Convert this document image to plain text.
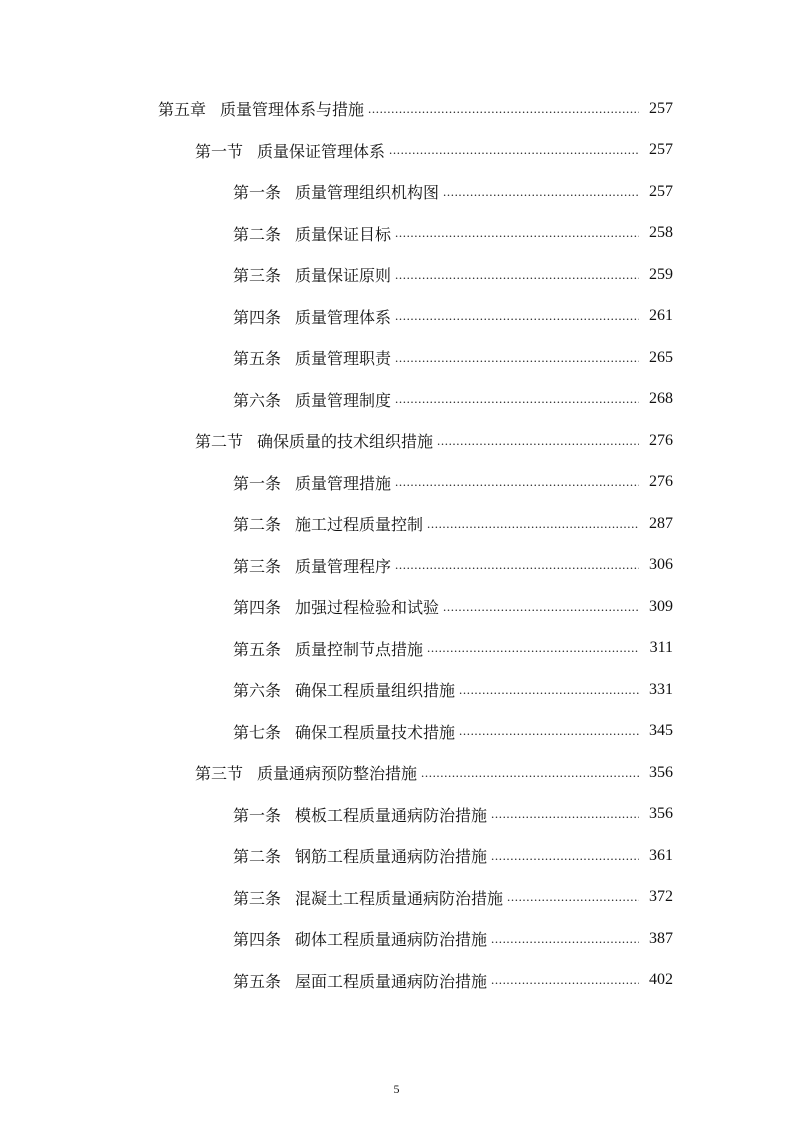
第五章 质量管理体系与措施 .....	257
第一节 质量保证管理体系 .....	257
第一条 质量管理组织机构图 .....	257
第二条 质量保证目标 .....	258
第三条 质量保证原则 .....	259
第四条 质量管理体系 .....	261
第五条 质量管理职责 .....	265
第六条 质量管理制度 .....	268
第二节 确保质量的技术组织措施 .....	276
第一条 质量管理措施 .....	276
第二条 施工过程质量控制 .....	287
第三条 质量管理程序 .....	306
第四条 加强过程检验和试验 .....	309
第五条 质量控制节点措施 .....	311
第六条 确保工程质量组织措施 .....	331
第七条 确保工程质量技术措施 .....	345
第三节 质量通病预防整治措施 .....	356
第一条 模板工程质量通病防治措施 .....	356
第二条 钢筋工程质量通病防治措施 .....	361
第三条 混凝土工程质量通病防治措施 .....	372
第四条 砌体工程质量通病防治措施 .....	387
第五条 屋面工程质量通病防治措施 .....	402
5
